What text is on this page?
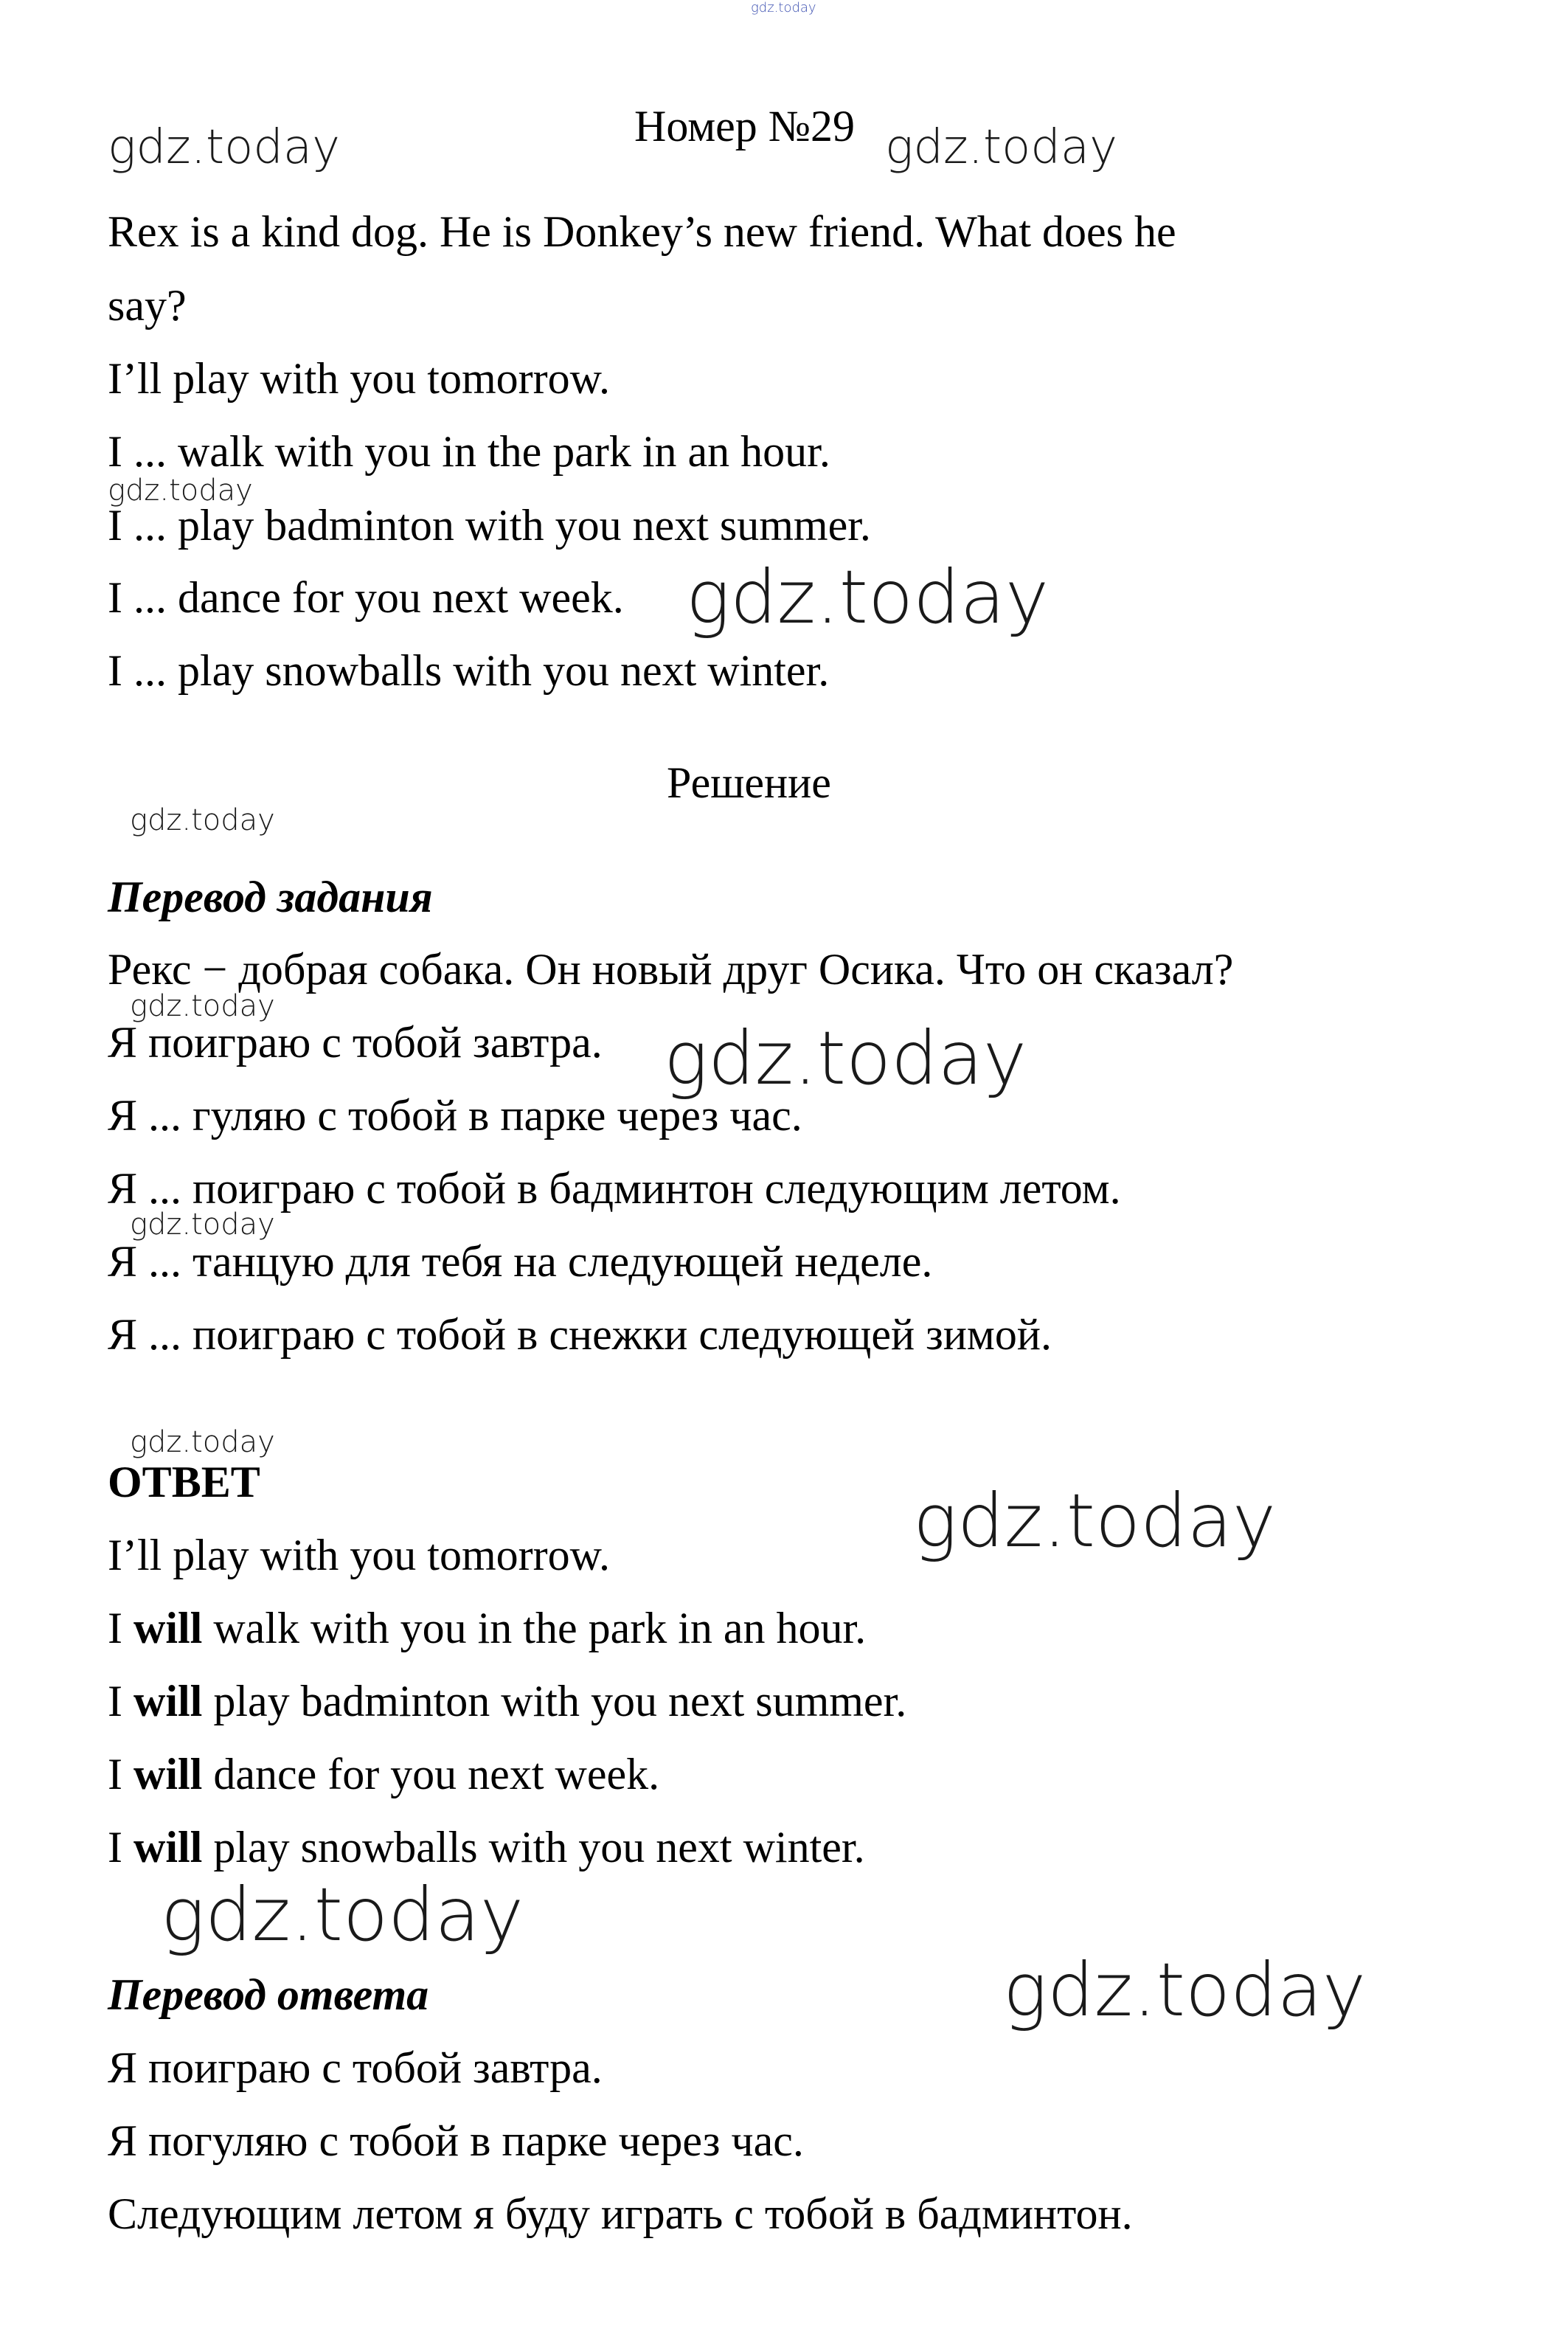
gdz.today
gdz.today	gdz.today
gdz.today
gdz.today
gdz.today
gdz.today
gdz.today
gdz.today
gdz.today
gdz.today
gdz.today
gdz.today
Номер №29
Rex is a kind dog. He is Donkey’s new friend. What does he
say?
I’ll play with you tomorrow.
I ... walk with you in the park in an hour.
I ... play badminton with you next summer.
I ... dance for you next week.
I ... play snowballs with you next winter.
Решение
Перевод задания
Рекс − добрая собака. Он новый друг Осика. Что он сказал?
Я поиграю с тобой завтра.
Я ... гуляю с тобой в парке через час.
Я ... поиграю с тобой в бадминтон следующим летом.
Я ... танцую для тебя на следующей неделе.
Я ... поиграю с тобой в снежки следующей зимой.
ОТВЕТ
I’ll play with you tomorrow.
I will walk with you in the park in an hour.
I will play badminton with you next summer.
I will dance for you next week.
I will play snowballs with you next winter.
Перевод ответа
Я поиграю с тобой завтра.
Я погуляю с тобой в парке через час.
Следующим летом я буду играть с тобой в бадминтон.
